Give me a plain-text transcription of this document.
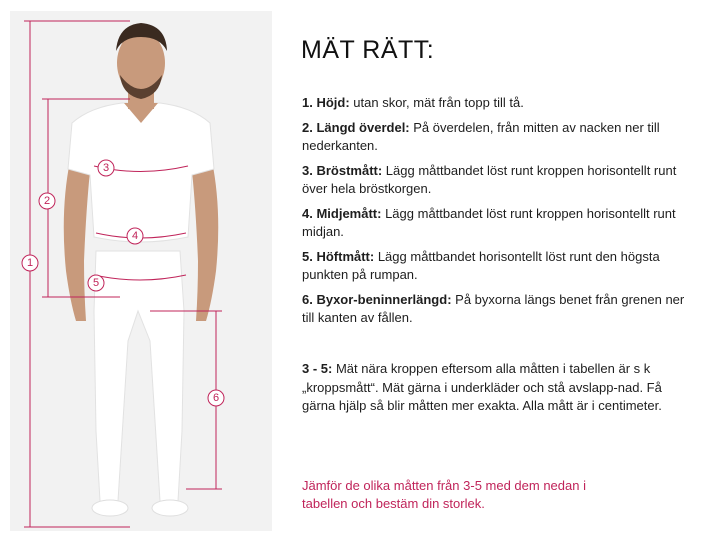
1
2
3
4
5
6
MÄT RÄTT:
1. Höjd: utan skor, mät från topp till tå.
2. Längd överdel: På överdelen, från mitten av nacken ner till nederkanten.
3. Bröstmått: Lägg måttbandet löst runt kroppen horisontellt runt över hela bröstkorgen.
4. Midjemått: Lägg måttbandet löst runt kroppen horisontellt runt midjan.
5. Höftmått: Lägg måttbandet horisontellt löst runt den högsta punkten på rumpan.
6. Byxor-beninnerlängd: På byxorna längs benet från grenen ner till kanten av fållen.
3 - 5: Mät nära kroppen eftersom alla måtten i tabellen är s k „kroppsmått“. Mät gärna i underkläder och stå avslapp-nad. Få gärna hjälp så blir måtten mer exakta. Alla mått är i centimeter.
Jämför de olika måtten från 3-5 med dem nedan i tabellen och bestäm din storlek.
